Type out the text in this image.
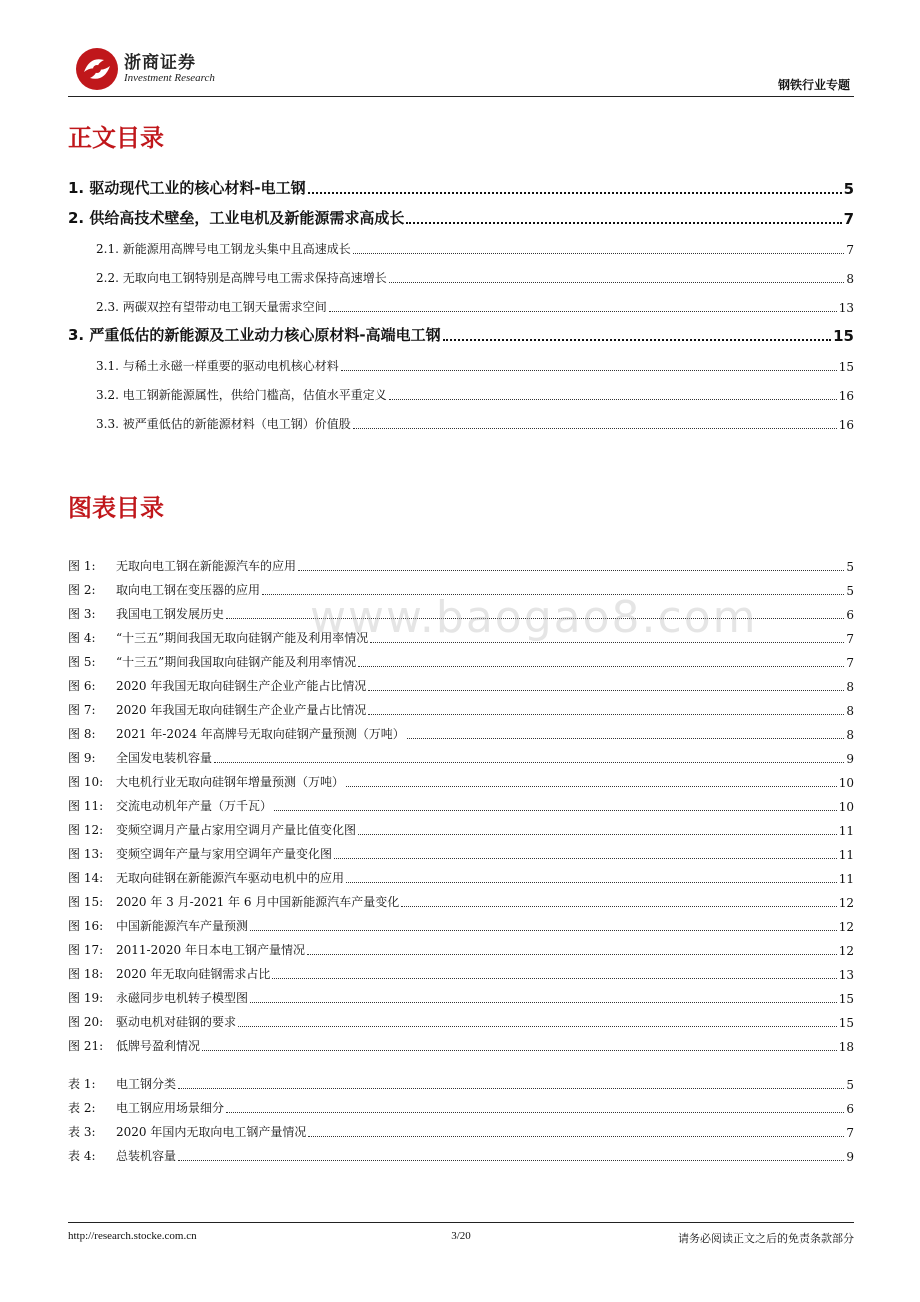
浙商证券
Investment Research	钢铁行业专题
正文目录
1. 驱动现代工业的核心材料-电工钢	5
2. 供给高技术壁垒，工业电机及新能源需求高成长	7
2.1. 新能源用高牌号电工钢龙头集中且高速成长	7
2.2. 无取向电工钢特别是高牌号电工需求保持高速增长	8
2.3. 两碳双控有望带动电工钢天量需求空间	13
3. 严重低估的新能源及工业动力核心原材料-高端电工钢	15
3.1. 与稀土永磁一样重要的驱动电机核心材料	15
3.2. 电工钢新能源属性，供给门槛高，估值水平重定义	16
3.3. 被严重低估的新能源材料（电工钢）价值股	16
图表目录
图 1:	无取向电工钢在新能源汽车的应用	5
图 2:	取向电工钢在变压器的应用	5
图 3:	我国电工钢发展历史	6
图 4:	“十三五”期间我国无取向硅钢产能及利用率情况	7
图 5:	“十三五”期间我国取向硅钢产能及利用率情况	7
图 6:	2020 年我国无取向硅钢生产企业产能占比情况	8
图 7:	2020 年我国无取向硅钢生产企业产量占比情况	8
图 8:	2021 年-2024 年高牌号无取向硅钢产量预测（万吨）	8
图 9:	全国发电装机容量	9
图 10:	大电机行业无取向硅钢年增量预测（万吨）	10
图 11:	交流电动机年产量（万千瓦）	10
图 12:	变频空调月产量占家用空调月产量比值变化图	11
图 13:	变频空调年产量与家用空调年产量变化图	11
图 14:	无取向硅钢在新能源汽车驱动电机中的应用	11
图 15:	2020 年 3 月-2021 年 6 月中国新能源汽车产量变化	12
图 16:	中国新能源汽车产量预测	12
图 17:	2011-2020 年日本电工钢产量情况	12
图 18:	2020 年无取向硅钢需求占比	13
图 19:	永磁同步电机转子模型图	15
图 20:	驱动电机对硅钢的要求	15
图 21:	低牌号盈利情况	18
表 1:	电工钢分类	5
表 2:	电工钢应用场景细分	6
表 3:	2020 年国内无取向电工钢产量情况	7
表 4:	总装机容量	9
www.baogao8.com
3/20
http://research.stocke.com.cn	请务必阅读正文之后的免责条款部分
